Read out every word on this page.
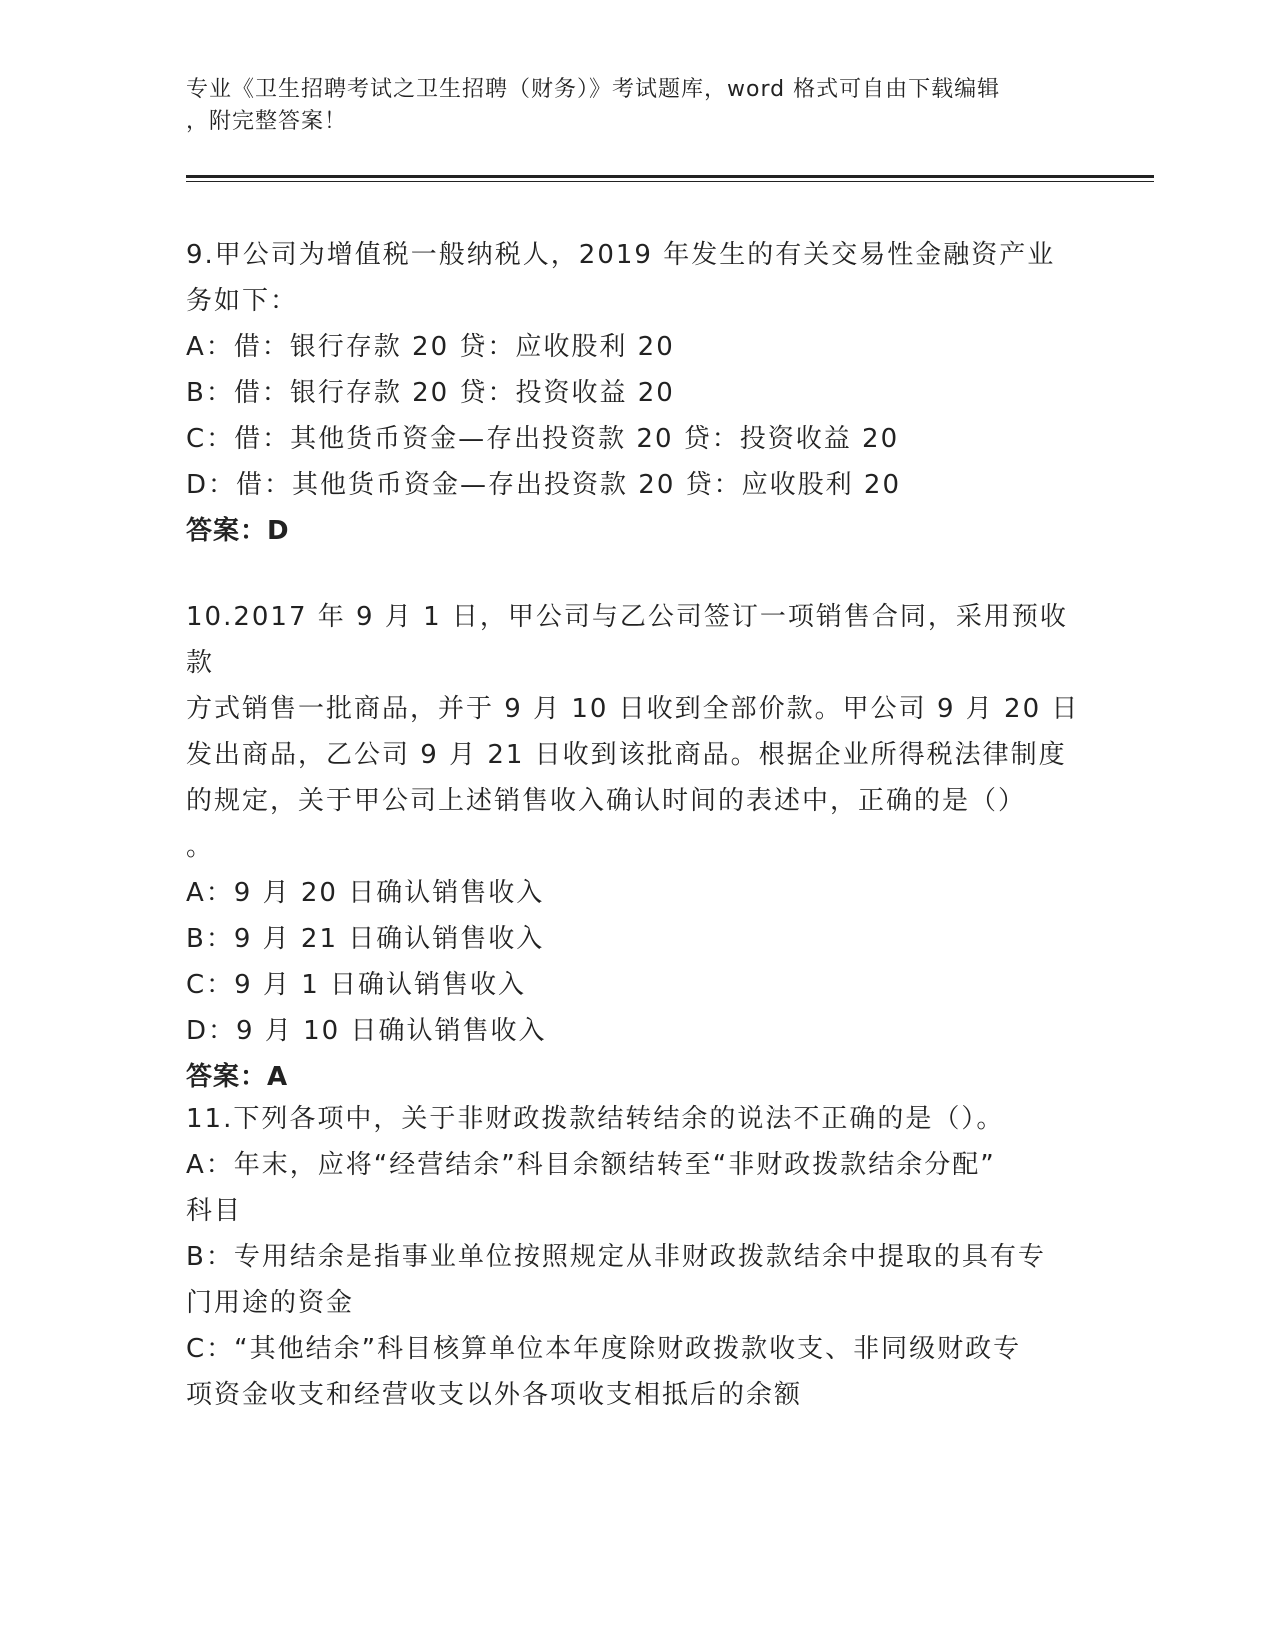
专业《卫生招聘考试之卫生招聘（财务）》考试题库，word 格式可自由下载编辑
，附完整答案！

9.甲公司为增值税一般纳税人，2019 年发生的有关交易性金融资产业

务如下：

A：借：银行存款 20 贷：应收股利 20

B：借：银行存款 20 贷：投资收益 20

C：借：其他货币资金—存出投资款 20 贷：投资收益 20

D：借：其他货币资金—存出投资款 20 贷：应收股利 20

答案：D

10.2017 年 9 月 1 日，甲公司与乙公司签订一项销售合同，采用预收款

方式销售一批商品，并于 9 月 10 日收到全部价款。甲公司 9 月 20 日

发出商品，乙公司 9 月 21 日收到该批商品。根据企业所得税法律制度

的规定，关于甲公司上述销售收入确认时间的表述中，正确的是（）

。

A：9 月 20 日确认销售收入

B：9 月 21 日确认销售收入

C：9 月 1 日确认销售收入

D：9 月 10 日确认销售收入

答案：A

11.下列各项中，关于非财政拨款结转结余的说法不正确的是（）。

A：年末，应将“经营结余”科目余额结转至“非财政拨款结余分配”

科目

B：专用结余是指事业单位按照规定从非财政拨款结余中提取的具有专

门用途的资金

C：“其他结余”科目核算单位本年度除财政拨款收支、非同级财政专

项资金收支和经营收支以外各项收支相抵后的余额
